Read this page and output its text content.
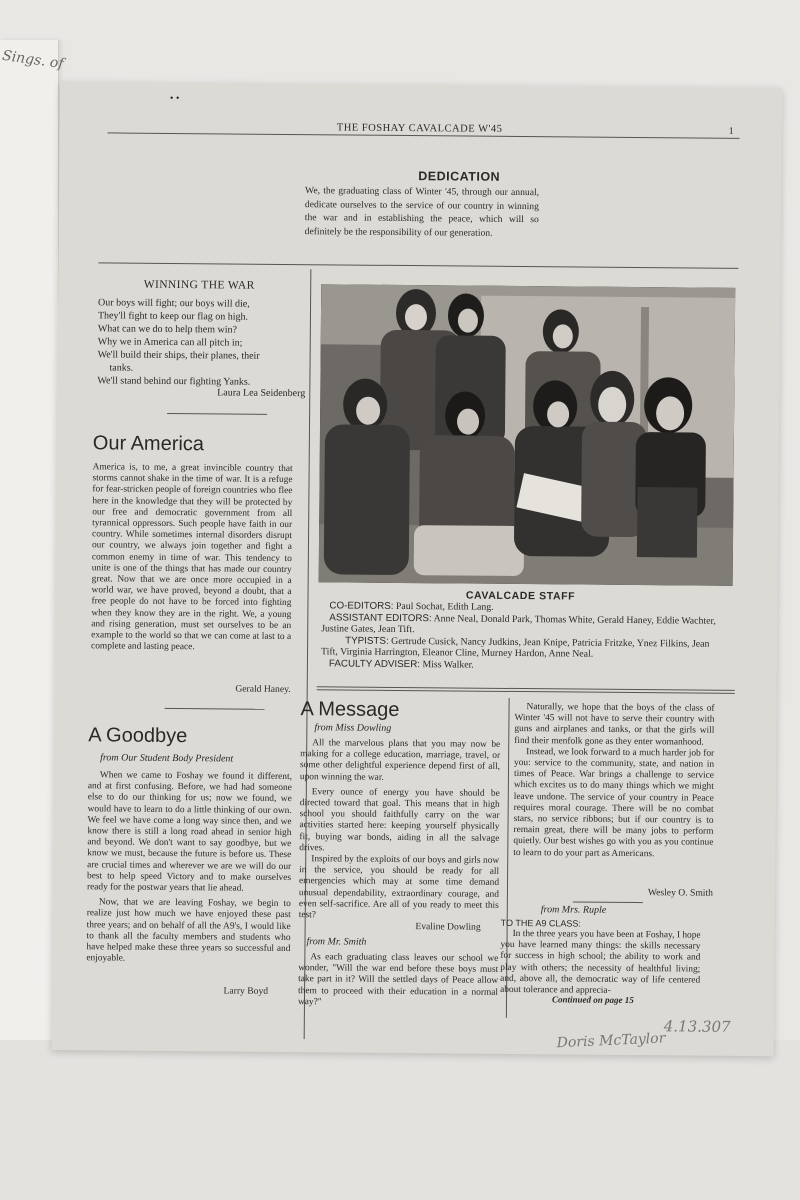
Sings. of
• •
THE FOSHAY CAVALCADE W'45	1
DEDICATION
We, the graduating class of Winter '45, through our annual, dedicate ourselves to the service of our country in winning the war and in establishing the peace, which will so definitely be the responsibility of our generation.
WINNING THE WAR
Our boys will fight; our boys will die,
They'll fight to keep our flag on high.
What can we do to help them win?
Why we in America can all pitch in;
We'll build their ships, their planes, their
tanks.
We'll stand behind our fighting Yanks.
Laura Lea Seidenberg
Our America
America is, to me, a great invincible country that storms cannot shake in the time of war. It is a refuge for fear-stricken people of foreign countries who flee here in the knowledge that they will be protected by our free and democratic government from all tyrannical oppressors. Such people have faith in our country. While sometimes internal disorders disrupt our country, we always join together and fight a common enemy in time of war. This tendency to unite is one of the things that has made our country great. Now that we are once more occupied in a world war, we have proved, beyond a doubt, that a free people do not have to be forced into fighting when they know they are in the right. We, a young and rising generation, must set ourselves to be an example to the world so that we can come at last to a complete and lasting peace.
Gerald Haney.
A Goodbye
from Our Student Body President
When we came to Foshay we found it different, and at first confusing. Before, we had had someone else to do our thinking for us; now we found, we would have to learn to do a little thinking of our own. We feel we have come a long way since then, and we know there is still a long road ahead in senior high and beyond. We don't want to say goodbye, but we know we must, because the future is before us. These are crucial times and wherever we are we will do our best to help speed Victory and to make ourselves ready for the postwar years that lie ahead.
Now, that we are leaving Foshay, we begin to realize just how much we have enjoyed these past three years; and on behalf of all the A9's, I would like to thank all the faculty members and students who have helped make these three years so successful and enjoyable.
Larry Boyd
CAVALCADE STAFF
CO-EDITORS: Paul Sochat, Edith Lang.
ASSISTANT EDITORS: Anne Neal, Donald Park, Thomas White, Gerald Haney, Eddie Wachter, Justine Gates, Jean Tift.
TYPISTS: Gertrude Cusick, Nancy Judkins, Jean Knipe, Patricia Fritzke, Ynez Filkins, Jean Tift, Virginia Harrington, Eleanor Cline, Murney Hardon, Anne Neal.
FACULTY ADVISER: Miss Walker.
A Message
from Miss Dowling
All the marvelous plans that you may now be making for a college education, marriage, travel, or some other delightful experience depend first of all, upon winning the war.
Every ounce of energy you have should be directed toward that goal. This means that in high school you should faithfully carry on the war activities started here: keeping yourself physically fit, buying war bonds, aiding in all the salvage drives.
Inspired by the exploits of our boys and girls now in the service, you should be ready for all emergencies which may at some time demand unusual dependability, extraordinary courage, and even self-sacrifice. Are all of you ready to meet this test?
Evaline Dowling
from Mr. Smith
As each graduating class leaves our school we wonder, "Will the war end before these boys must take part in it? Will the settled days of Peace allow them to proceed with their education in a normal way?"
Naturally, we hope that the boys of the class of Winter '45 will not have to serve their country with guns and airplanes and tanks, or that the girls will find their menfolk gone as they enter womanhood.
Instead, we look forward to a much harder job for you: service to the community, state, and nation in times of Peace. War brings a challenge to service which excites us to do many things which we might leave undone. The service of your country in Peace requires moral courage. There will be no combat stars, no service ribbons; but if our country is to remain great, there will be many jobs to perform quietly. Our best wishes go with you as you continue to learn to do your part as Americans.
Wesley O. Smith
from Mrs. Ruple
TO THE A9 CLASS:
In the three years you have been at Foshay, I hope you have learned many things: the skills necessary for success in high school; the ability to work and play with others; the necessity of healthful living; and, above all, the democratic way of life centered about tolerance and apprecia-
Continued on page 15
4.13.307
Doris McTaylor
